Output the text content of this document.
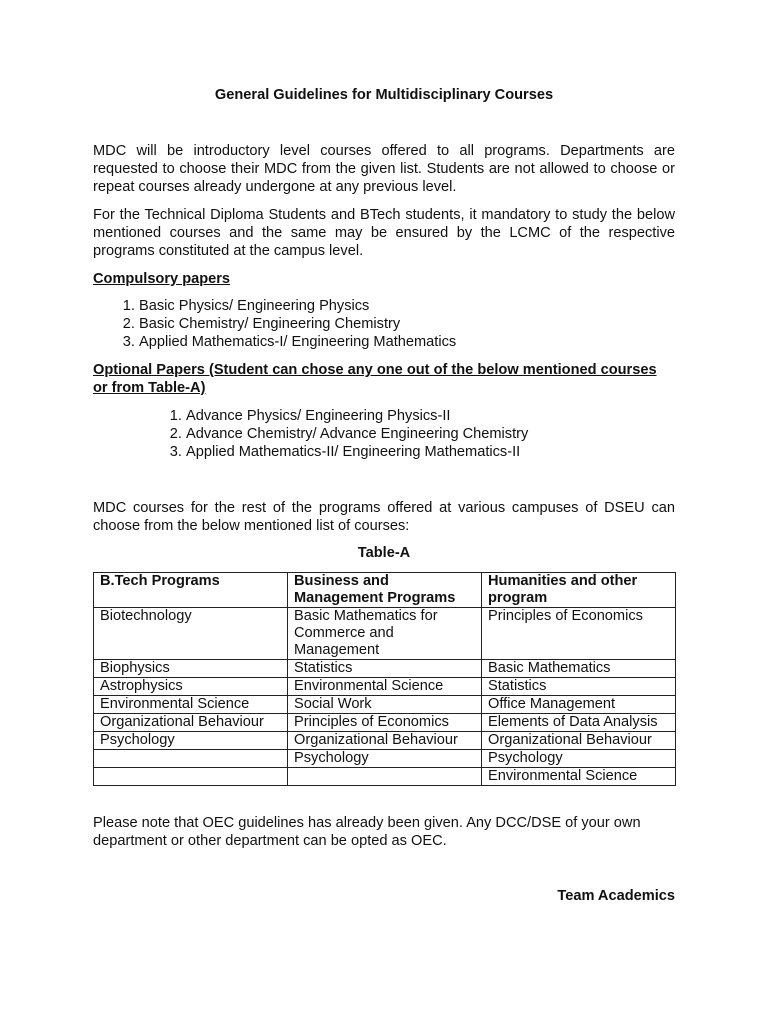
General Guidelines for Multidisciplinary Courses

MDC will be introductory level courses offered to all programs. Departments are requested to choose their MDC from the given list. Students are not allowed to choose or repeat courses already undergone at any previous level.

For the Technical Diploma Students and BTech students, it mandatory to study the below mentioned courses and the same may be ensured by the LCMC of the respective programs constituted at the campus level.

Compulsory papers
1. Basic Physics/ Engineering Physics
2. Basic Chemistry/ Engineering Chemistry
3. Applied Mathematics-I/ Engineering Mathematics
Optional Papers (Student can chose any one out of the below mentioned courses or from Table-A)
1. Advance Physics/ Engineering Physics-II
2. Advance Chemistry/ Advance Engineering Chemistry
3. Applied Mathematics-II/ Engineering Mathematics-II

MDC courses for the rest of the programs offered at various campuses of DSEU can choose from the below mentioned list of courses:

Table-A
B.Tech Programs	Business and Management Programs	Humanities and other program
Biotechnology	Basic Mathematics for Commerce and Management	Principles of Economics
Biophysics	Statistics	Basic Mathematics
Astrophysics	Environmental Science	Statistics
Environmental Science	Social Work	Office Management
Organizational Behaviour	Principles of Economics	Elements of Data Analysis
Psychology	Organizational Behaviour	Organizational Behaviour
	Psychology	Psychology
		Environmental Science

Please note that OEC guidelines has already been given. Any DCC/DSE of your own department or other department can be opted as OEC.

Team Academics
